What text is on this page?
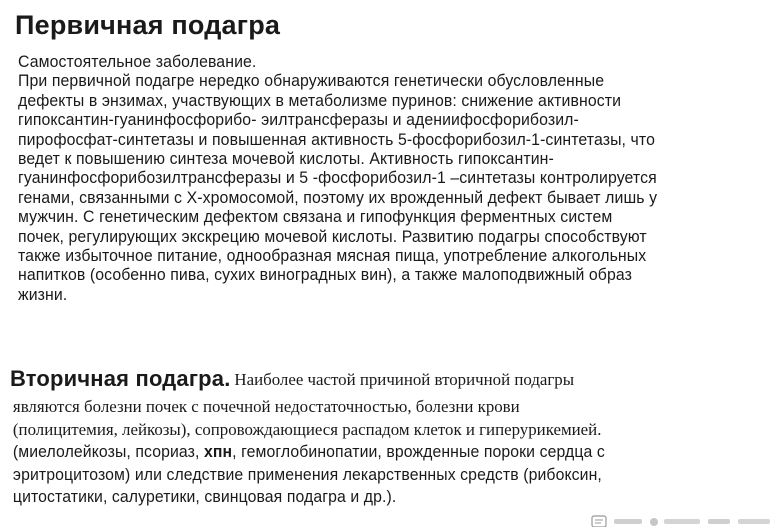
Первичная подагра
Самостоятельное заболевание.
При первичной подагре нередко обнаруживаются генетически обусловленные
дефекты в энзимах, участвующих в метаболизме пуринов: снижение активности
гипоксантин-гуанинфосфорибо- эилтрансферазы и адениифосфорибозил-
пирофосфат-синтетазы и повышенная активность 5-фосфорибозил-1-синтетазы, что
ведет к повышению синтеза мочевой кислоты. Активность гипоксантин-
гуанинфосфорибозилтрансферазы и 5 -фосфорибозил-1 –синтетазы контролируется
генами, связанными с Х-хромосомой, поэтому их врожденный дефект бывает лишь у
мужчин. С генетическим дефектом связана и гипофункция ферментных систем
почек, регулирующих экскрецию мочевой кислоты. Развитию подагры способствуют
также избыточное питание, однообразная мясная пища, употребление алкогольных
напитков (особенно пива, сухих виноградных вин), а также малоподвижный образ
жизни.
Вторичная подагра. Наиболее частой причиной вторичной подагры
являются болезни почек с почечной недостаточностью, болезни крови
(полицитемия, лейкозы), сопровождающиеся распадом клеток и гиперурикемией.
(миелолейкозы, псориаз, хпн, гемоглобинопатии, врожденные пороки сердца с
эритроцитозом) или следствие применения лекарственных средств (рибоксин,
цитостатики, салуретики, свинцовая подагра и др.).
